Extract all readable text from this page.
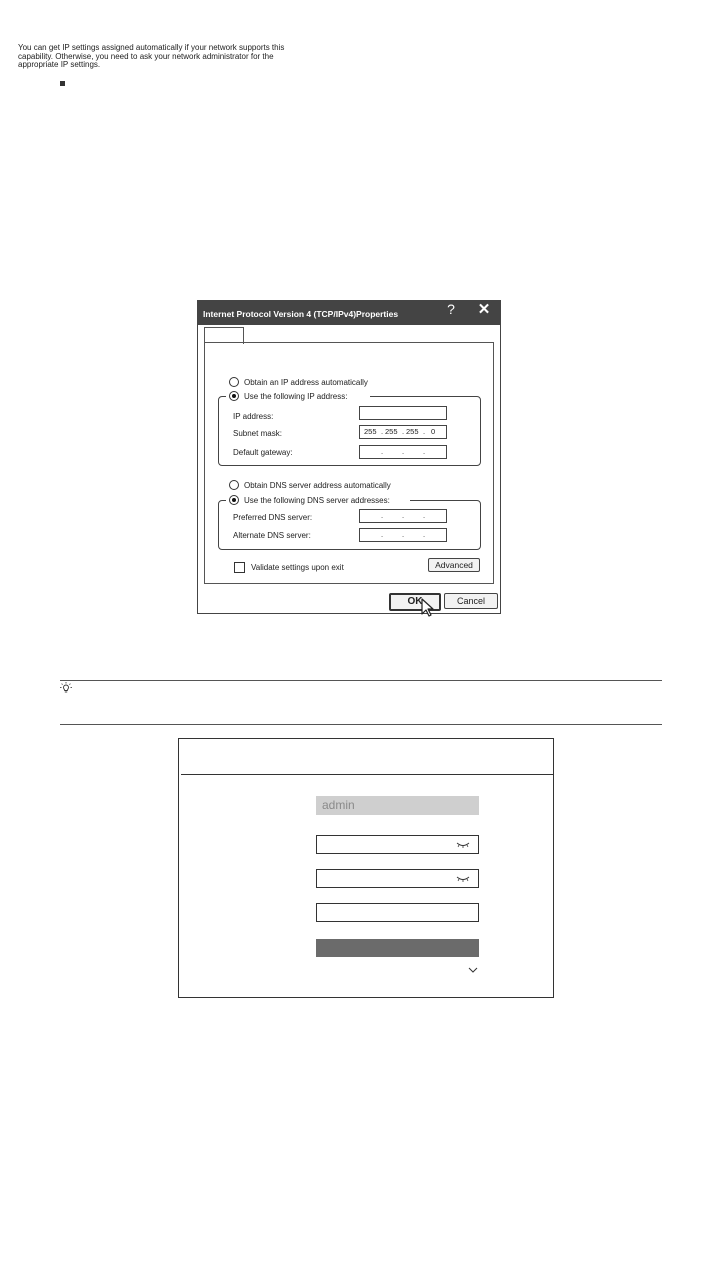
Internet Protocol Version 4 (TCP/IPv4)Properties	? ✕
You can get IP settings assigned automatically if your network supports this capability. Otherwise, you need to ask your network administrator for the appropriate IP settings.
Obtain an IP address automatically
Use the following IP address:
IP address:
Subnet mask:	255 . 255 . 255 . 0
Default gateway:	.	.	.
Obtain DNS server address automatically
Use the following DNS server addresses:
Preferred DNS server:	.	.	.
Alternate DNS server:	.	.	.
Validate settings upon exit	Advanced
OK	Cancel
admin
